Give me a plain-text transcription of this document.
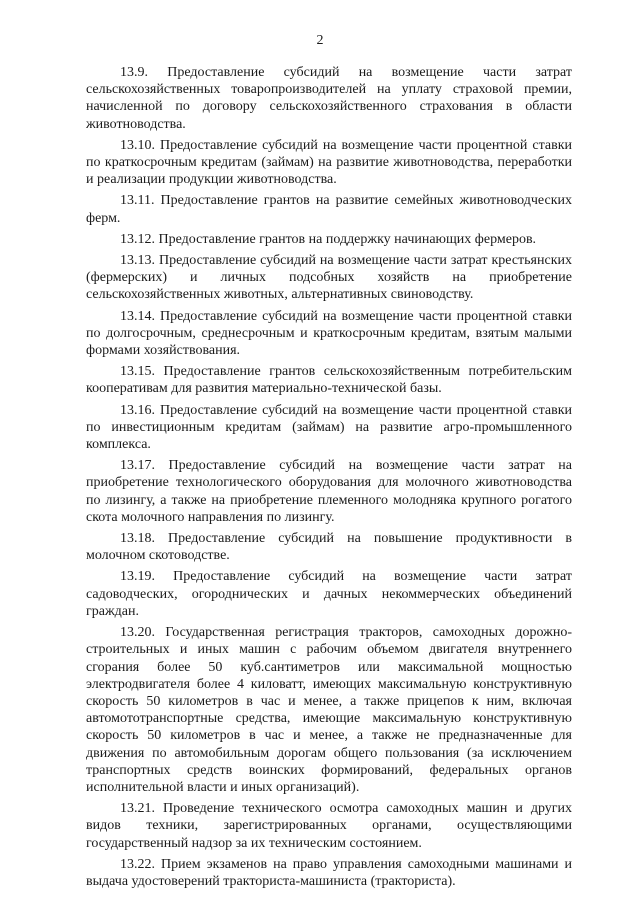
2

13.9. Предоставление субсидий на возмещение части затрат сельскохозяйственных товаропроизводителей на уплату страховой премии, начисленной по договору сельскохозяйственного страхования в области животноводства.

13.10. Предоставление субсидий на возмещение части процентной ставки по краткосрочным кредитам (займам) на развитие животноводства, переработки и реализации продукции животноводства.

13.11. Предоставление грантов на развитие семейных животноводческих ферм.

13.12. Предоставление грантов на поддержку начинающих фермеров.

13.13. Предоставление субсидий на возмещение части затрат крестьянских (фермерских) и личных подсобных хозяйств на приобретение сельскохозяйственных животных, альтернативных свиноводству.

13.14. Предоставление субсидий на возмещение части процентной ставки по долгосрочным, среднесрочным и краткосрочным кредитам, взятым малыми формами хозяйствования.

13.15. Предоставление грантов сельскохозяйственным потребительским кооперативам для развития материально-технической базы.

13.16. Предоставление субсидий на возмещение части процентной ставки по инвестиционным кредитам (займам) на развитие агро-промышленного комплекса.

13.17. Предоставление субсидий на возмещение части затрат на приобретение технологического оборудования для молочного животноводства по лизингу, а также на приобретение племенного молодняка крупного рогатого скота молочного направления по лизингу.

13.18. Предоставление субсидий на повышение продуктивности в молочном скотоводстве.

13.19. Предоставление субсидий на возмещение части затрат садоводческих, огороднических и дачных некоммерческих объединений граждан.

13.20. Государственная регистрация тракторов, самоходных дорожно-строительных и иных машин с рабочим объемом двигателя внутреннего сгорания более 50 куб.сантиметров или максимальной мощностью электродвигателя более 4 киловатт, имеющих максимальную конструктивную скорость 50 километров в час и менее, а также прицепов к ним, включая автомототранспортные средства, имеющие максимальную конструктивную скорость 50 километров в час и менее, а также не предназначенные для движения по автомобильным дорогам общего пользования (за исключением транспортных средств воинских формирований, федеральных органов исполнительной власти и иных организаций).

13.21. Проведение технического осмотра самоходных машин и других видов техники, зарегистрированных органами, осуществляющими государственный надзор за их техническим состоянием.

13.22. Прием экзаменов на право управления самоходными машинами и выдача удостоверений тракториста-машиниста (тракториста).
